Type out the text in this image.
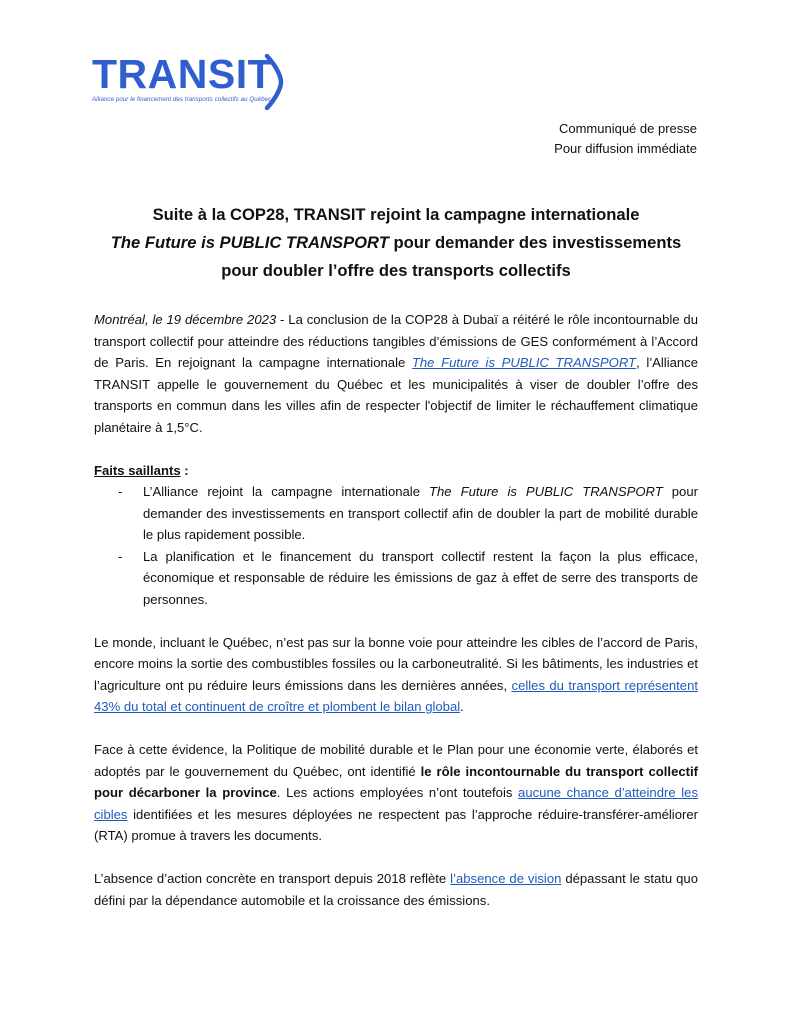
TRANSIT
Alliance pour le financement des transports collectifs au Québec
Communiqué de presse
Pour diffusion immédiate
Suite à la COP28, TRANSIT rejoint la campagne internationale
The Future is PUBLIC TRANSPORT pour demander des investissements
pour doubler l’offre des transports collectifs

Montréal, le 19 décembre 2023 - La conclusion de la COP28 à Dubaï a réitéré le rôle incontournable du transport collectif pour atteindre des réductions tangibles d’émissions de GES conformément à l’Accord de Paris. En rejoignant la campagne internationale The Future is PUBLIC TRANSPORT, l’Alliance TRANSIT appelle le gouvernement du Québec et les municipalités à viser de doubler l’offre des transports en commun dans les villes afin de respecter l'objectif de limiter le réchauffement climatique planétaire à 1,5°C.

Faits saillants :

- L’Alliance rejoint la campagne internationale The Future is PUBLIC TRANSPORT pour demander des investissements en transport collectif afin de doubler la part de mobilité durable le plus rapidement possible.
- La planification et le financement du transport collectif restent la façon la plus efficace, économique et responsable de réduire les émissions de gaz à effet de serre des transports de personnes.

Le monde, incluant le Québec, n’est pas sur la bonne voie pour atteindre les cibles de l’accord de Paris, encore moins la sortie des combustibles fossiles ou la carboneutralité. Si les bâtiments, les industries et l’agriculture ont pu réduire leurs émissions dans les dernières années, celles du transport représentent 43% du total et continuent de croître et plombent le bilan global.

Face à cette évidence, la Politique de mobilité durable et le Plan pour une économie verte, élaborés et adoptés par le gouvernement du Québec, ont identifié le rôle incontournable du transport collectif pour décarboner la province. Les actions employées n’ont toutefois aucune chance d’atteindre les cibles identifiées et les mesures déployées ne respectent pas l’approche réduire-transférer-améliorer (RTA) promue à travers les documents.

L’absence d’action concrète en transport depuis 2018 reflète l’absence de vision dépassant le statu quo défini par la dépendance automobile et la croissance des émissions.
